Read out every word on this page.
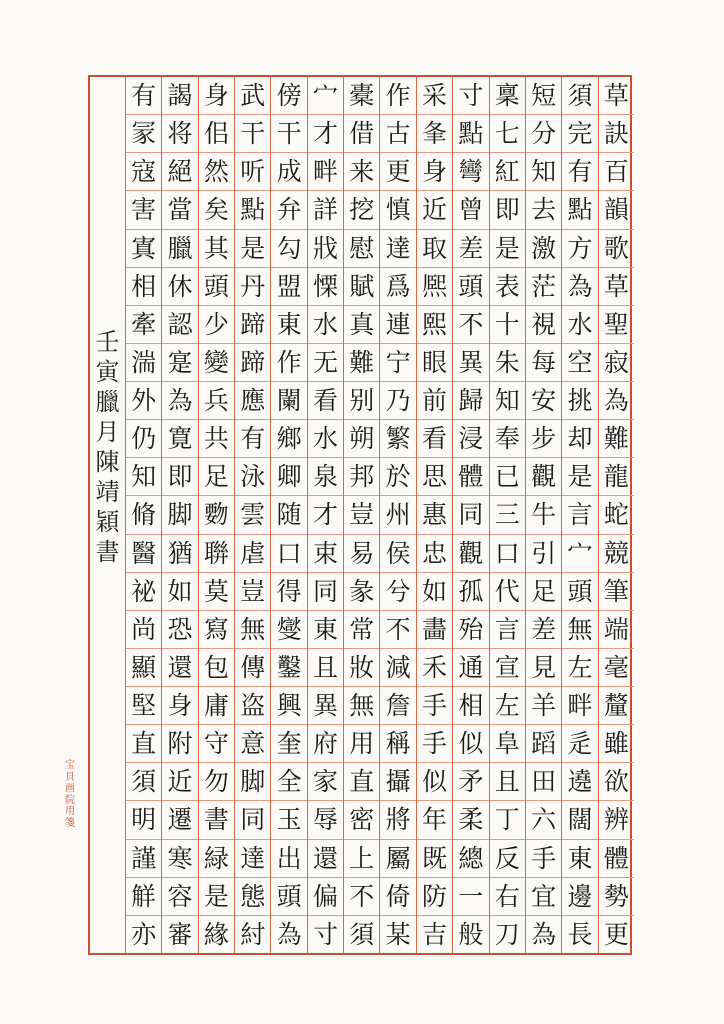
草
訣
百
韻
歌
草
聖
寂
為
難
龍
蛇
競
筆
端
毫
釐
雖
欲
辨
體
勢
更
須
完
有
點
方
為
水
空
挑
却
是
言
宀
頭
無
左
畔
辵
遶
闊
東
邊
長
短
分
知
去
激
茫
視
每
安
步
觀
牛
引
足
差
見
羊
蹈
田
六
手
宜
為
稟
七
紅
即
是
表
十
朱
知
奉
已
三
口
代
言
宣
左
阜
且
丁
反
右
刀
寸
點
彎
曾
差
頭
不
異
歸
浸
體
同
觀
孤
殆
通
相
似
矛
柔
總
一
般
采
夆
身
近
取
熈
熙
眼
前
看
思
惠
忠
如
畵
禾
手
手
似
年
既
防
吉
作
古
更
慎
達
爲
連
宁
乃
繁
於
州
侯
兮
不
減
詹
稱
攝
將
屬
倚
某
橐
借
来
挖
慰
賦
真
難
别
朔
邦
豈
易
彖
常
妝
無
用
直
密
上
不
須
宀
才
畔
詳
戕
慄
水
无
看
水
泉
才
束
同
東
且
異
府
家
辱
還
偏
寸
傍
干
成
弁
勾
盟
東
作
闌
鄉
卿
随
口
得
燮
鑿
興
奎
全
玉
出
頭
為
武
干
听
點
是
丹
蹄
蹄
應
有
泳
雲
虐
豈
無
傳
盗
意
脚
同
達
態
紂
身
佀
然
矣
其
頭
少
變
兵
共
足
覅
聨
莫
寫
包
庸
守
勿
書
緑
是
緣
謁
将
絕
當
臘
休
認
寔
為
寛
即
脚
猶
如
恐
還
身
附
近
遷
寒
容
審
有
冡
寇
害
寘
相
牽
湍
外
仍
知
脩
醫
祕
尚
顯
堅
直
須
明
謹
觧
亦
壬
寅
臘
月
陳
靖
穎
書
宝
貝
画
院
用
箋
